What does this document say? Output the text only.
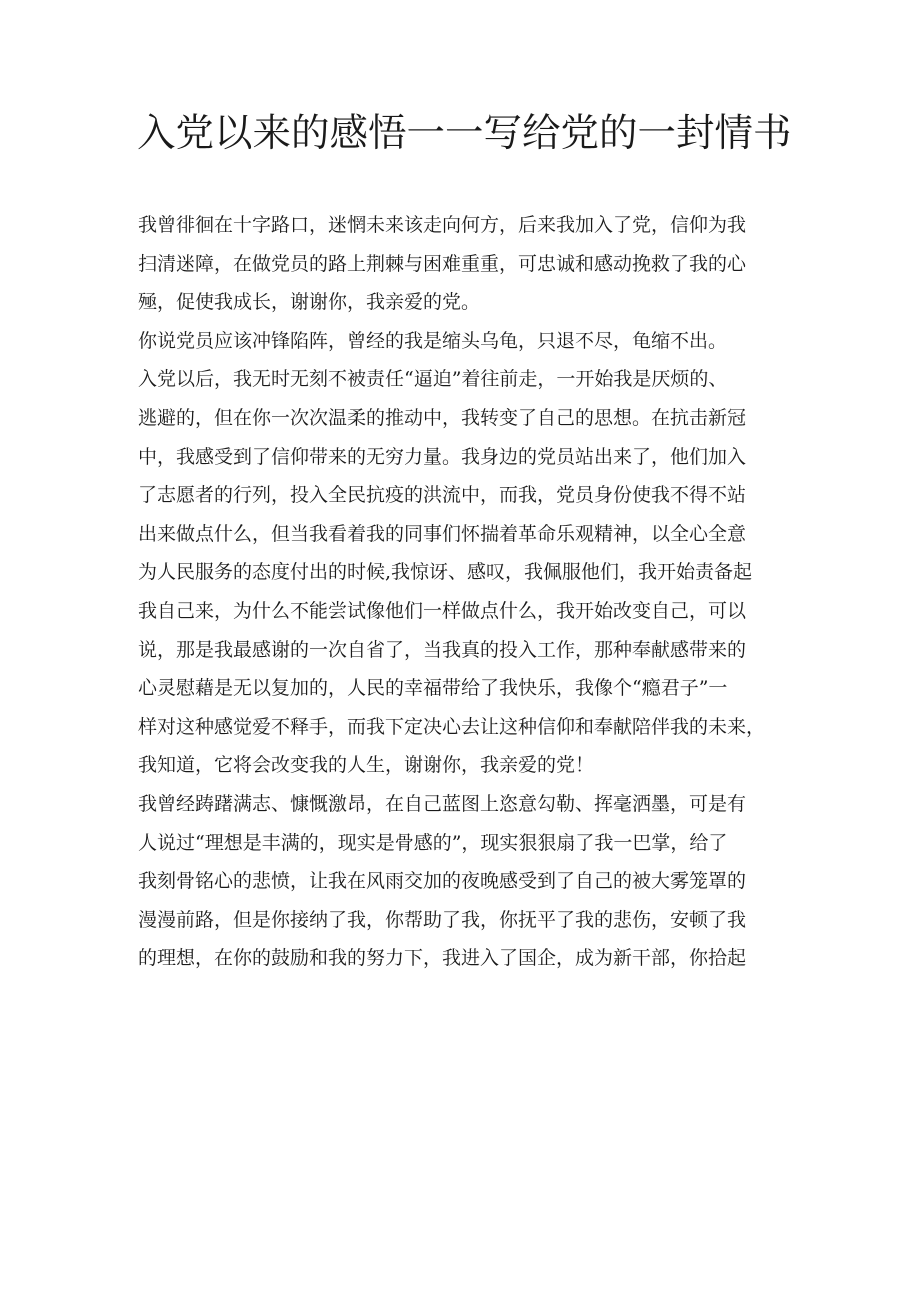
入党以来的感悟一一写给党的一封情书

我曾徘徊在十字路口，迷惘未来该走向何方，后来我加入了党，信仰为我

扫清迷障，在做党员的路上荆棘与困难重重，可忠诚和感动挽救了我的心

殛，促使我成长，谢谢你，我亲爱的党。

你说党员应该冲锋陷阵，曾经的我是缩头乌龟，只退不尽，龟缩不出。

入党以后，我无时无刻不被责任“逼迫”着往前走，一开始我是厌烦的、

逃避的，但在你一次次温柔的推动中，我转变了自己的思想。在抗击新冠

中，我感受到了信仰带来的无穷力量。我身边的党员站出来了，他们加入

了志愿者的行列，投入全民抗疫的洪流中，而我，党员身份使我不得不站

出来做点什么，但当我看着我的同事们怀揣着革命乐观精神，以全心全意

为人民服务的态度付出的时候,我惊讶、感叹，我佩服他们，我开始责备起

我自己来，为什么不能尝试像他们一样做点什么，我开始改变自己，可以

说，那是我最感谢的一次自省了，当我真的投入工作，那种奉献感带来的

心灵慰藉是无以复加的，人民的幸福带给了我快乐，我像个“瘾君子”一

样对这种感觉爱不释手，而我下定决心去让这种信仰和奉献陪伴我的未来，

我知道，它将会改变我的人生，谢谢你，我亲爱的党！

我曾经踌躇满志、慷慨激昂，在自己蓝图上恣意勾勒、挥毫洒墨，可是有

人说过“理想是丰满的，现实是骨感的”，现实狠狠扇了我一巴掌，给了

我刻骨铭心的悲愤，让我在风雨交加的夜晚感受到了自己的被大雾笼罩的

漫漫前路，但是你接纳了我，你帮助了我，你抚平了我的悲伤，安顿了我

的理想，在你的鼓励和我的努力下，我进入了国企，成为新干部，你拾起
